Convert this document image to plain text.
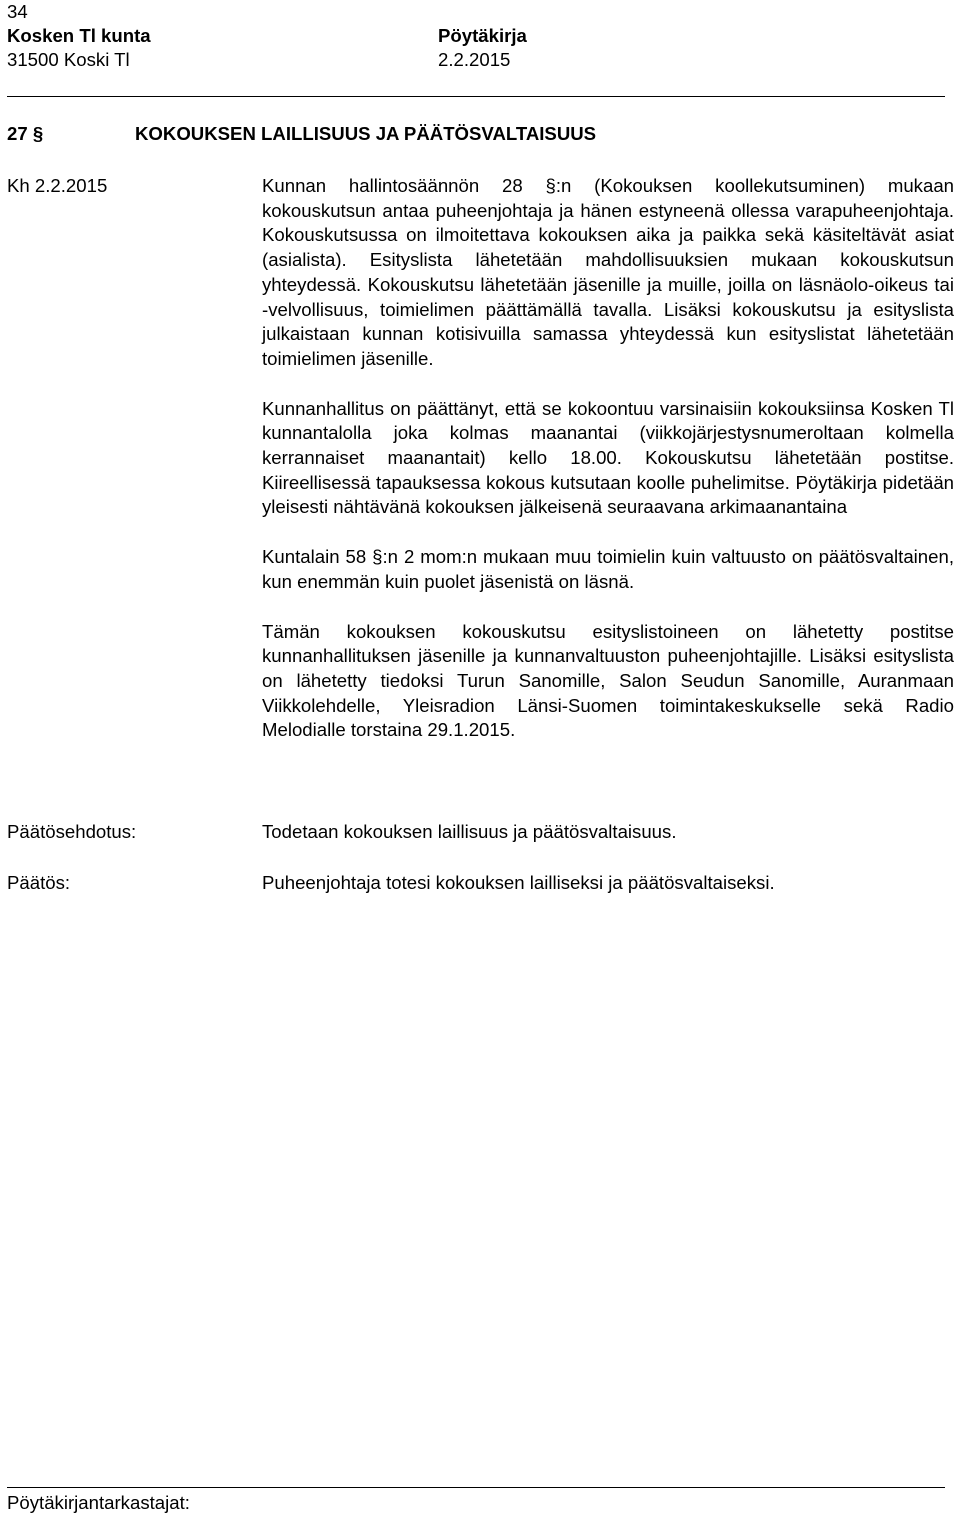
34
Kosken Tl kunta
31500 Koski Tl
Pöytäkirja
2.2.2015
27 §	KOKOUKSEN LAILLISUUS JA PÄÄTÖSVALTAISUUS
Kh 2.2.2015	Kunnan hallintosäännön 28 §:n (Kokouksen koollekutsuminen) mukaan kokouskutsun antaa puheenjohtaja ja hänen estyneenä ollessa varapuheenjohtaja. Kokouskutsussa on ilmoitettava kokouksen aika ja paikka sekä käsiteltävät asiat (asialista). Esityslista lähetetään mahdollisuuksien mukaan kokouskutsun yhteydessä. Kokouskutsu lähetetään jäsenille ja muille, joilla on läsnäolo-oikeus tai -velvollisuus, toimielimen päättämällä tavalla. Lisäksi kokouskutsu ja esityslista julkaistaan kunnan kotisivuilla samassa yhteydessä kun esityslistat lähetetään toimielimen jäsenille.

Kunnanhallitus on päättänyt, että se kokoontuu varsinaisiin kokouksiinsa Kosken Tl kunnantalolla joka kolmas maanantai (viikkojärjestysnumeroltaan kolmella kerrannaiset maanantait) kello 18.00. Kokouskutsu lähetetään postitse. Kiireellisessä tapauksessa kokous kutsutaan koolle puhelimitse. Pöytäkirja pidetään yleisesti nähtävänä kokouksen jälkeisenä seuraavana arkimaanantaina

Kuntalain 58 §:n 2 mom:n mukaan muu toimielin kuin valtuusto on päätösvaltainen, kun enemmän kuin puolet jäsenistä on läsnä.

Tämän kokouksen kokouskutsu esityslistoineen on lähetetty postitse kunnanhallituksen jäsenille ja kunnanvaltuuston puheenjohtajille. Lisäksi esityslista on lähetetty tiedoksi Turun Sanomille, Salon Seudun Sanomille, Auranmaan Viikkolehdelle, Yleisradion Länsi-Suomen toimintakeskukselle sekä Radio Melodialle torstaina 29.1.2015.

Päätösehdotus:	Todetaan kokouksen laillisuus ja päätösvaltaisuus.
Päätös:	Puheenjohtaja totesi kokouksen lailliseksi ja päätösvaltaiseksi.
Pöytäkirjantarkastajat:
